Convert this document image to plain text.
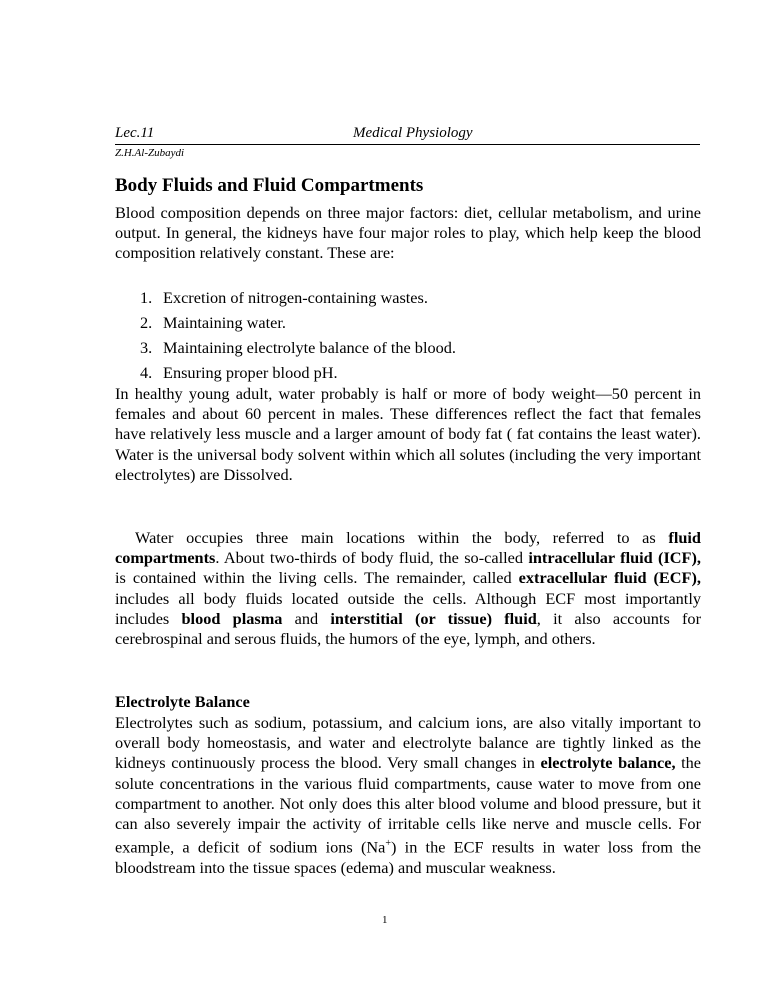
Lec.11	Medical Physiology
Z.H.Al-Zubaydi
Body Fluids and Fluid Compartments

Blood composition depends on three major factors: diet, cellular metabolism, and urine output. In general, the kidneys have four major roles to play, which help keep the blood composition relatively constant. These are:

1. Excretion of nitrogen-containing wastes.
2. Maintaining water.
3. Maintaining electrolyte balance of the blood.
4. Ensuring proper blood pH.

In healthy young adult, water probably is half or more of body weight—50 percent in females and about 60 percent in males. These differences reflect the fact that females have relatively less muscle and a larger amount of body fat ( fat contains the least water). Water is the universal body solvent within which all solutes (including the very important electrolytes) are Dissolved.

Water occupies three main locations within the body, referred to as fluid compartments. About two-thirds of body fluid, the so-called intracellular fluid (ICF), is contained within the living cells. The remainder, called extracellular fluid (ECF), includes all body fluids located outside the cells. Although ECF most importantly includes blood plasma and interstitial (or tissue) fluid, it also accounts for cerebrospinal and serous fluids, the humors of the eye, lymph, and others.

Electrolyte Balance

Electrolytes such as sodium, potassium, and calcium ions, are also vitally important to overall body homeostasis, and water and electrolyte balance are tightly linked as the kidneys continuously process the blood. Very small changes in electrolyte balance, the solute concentrations in the various fluid compartments, cause water to move from one compartment to another. Not only does this alter blood volume and blood pressure, but it can also severely impair the activity of irritable cells like nerve and muscle cells. For example, a deficit of sodium ions (Na+) in the ECF results in water loss from the bloodstream into the tissue spaces (edema) and muscular weakness.

1
